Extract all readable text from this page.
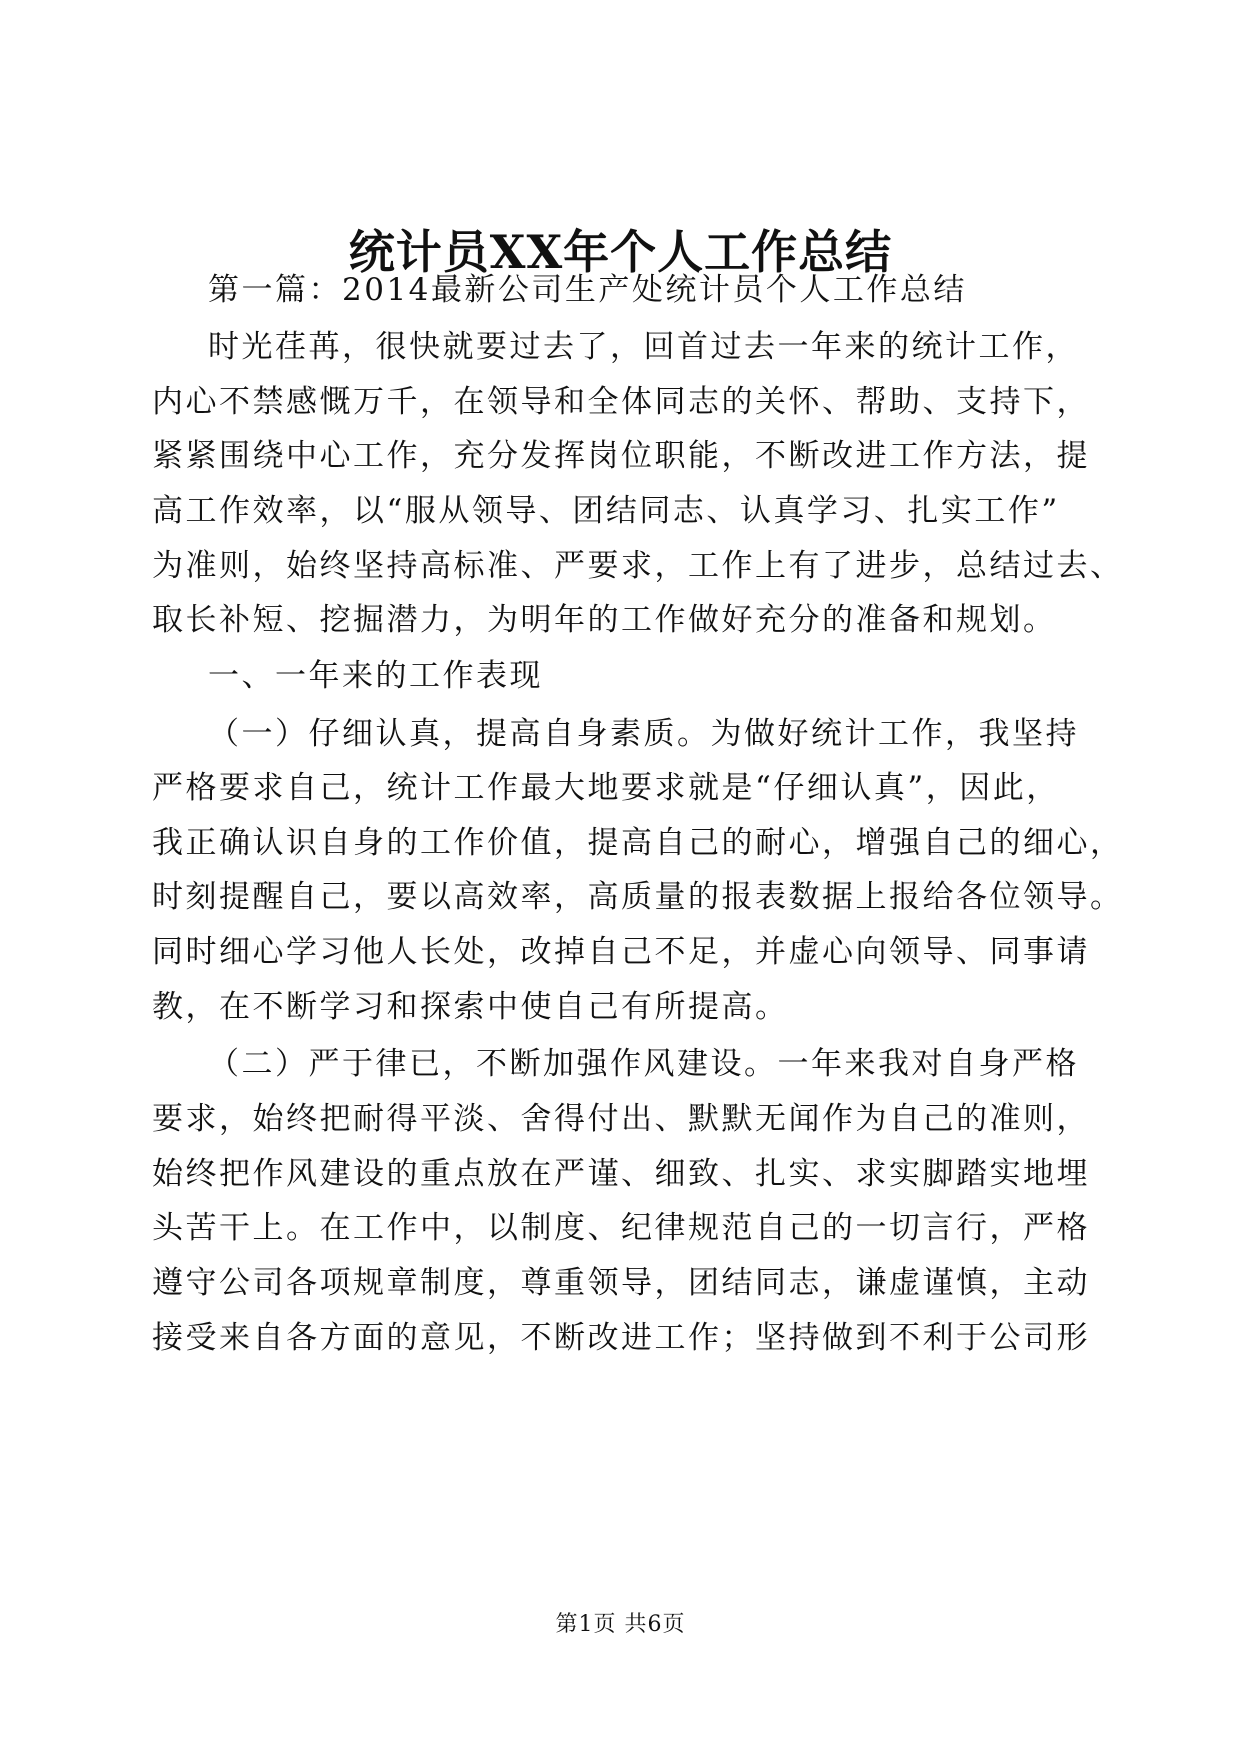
统计员XX年个人工作总结
第一篇：2014最新公司生产处统计员个人工作总结
时光荏苒，很快就要过去了，回首过去一年来的统计工作，
内心不禁感慨万千，在领导和全体同志的关怀、帮助、支持下，
紧紧围绕中心工作，充分发挥岗位职能，不断改进工作方法，提
高工作效率，以“服从领导、团结同志、认真学习、扎实工作”
为准则，始终坚持高标准、严要求，工作上有了进步，总结过去、
取长补短、挖掘潜力，为明年的工作做好充分的准备和规划。
一、一年来的工作表现
（一）仔细认真，提高自身素质。为做好统计工作，我坚持
严格要求自己，统计工作最大地要求就是“仔细认真”，因此，
我正确认识自身的工作价值，提高自己的耐心，增强自己的细心，
时刻提醒自己，要以高效率，高质量的报表数据上报给各位领导。
同时细心学习他人长处，改掉自己不足，并虚心向领导、同事请
教，在不断学习和探索中使自己有所提高。
（二）严于律已，不断加强作风建设。一年来我对自身严格
要求，始终把耐得平淡、舍得付出、默默无闻作为自己的准则，
始终把作风建设的重点放在严谨、细致、扎实、求实脚踏实地埋
头苦干上。在工作中，以制度、纪律规范自己的一切言行，严格
遵守公司各项规章制度，尊重领导，团结同志，谦虚谨慎，主动
接受来自各方面的意见，不断改进工作；坚持做到不利于公司形
第1页 共6页
